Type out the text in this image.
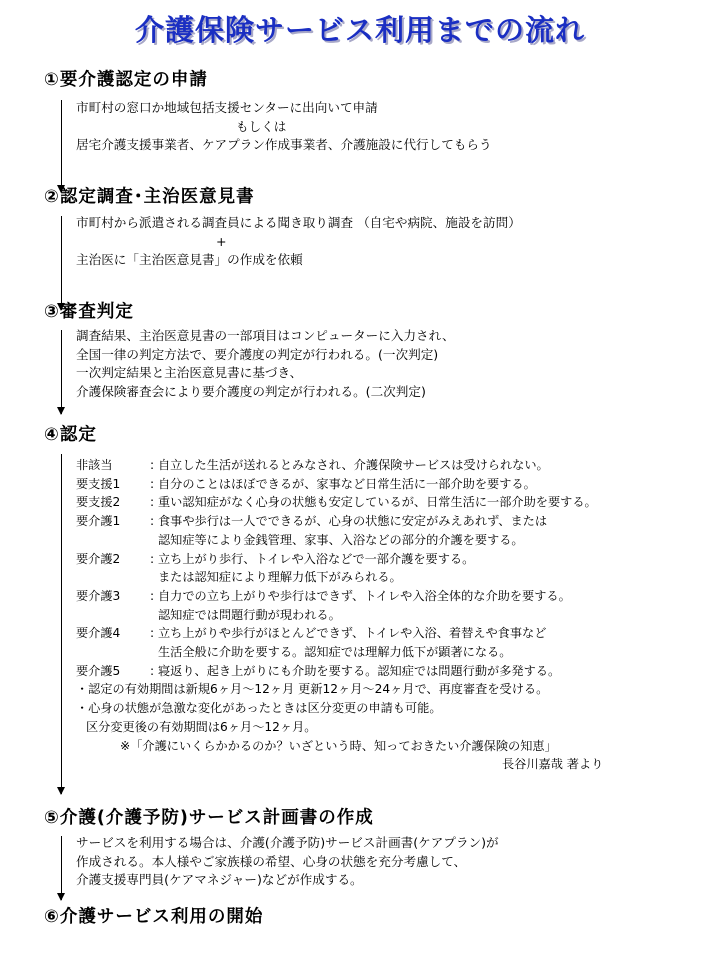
介護保険サービス利用までの流れ
①要介護認定の申請
市町村の窓口か地域包括支援センターに出向いて申請
もしくは
居宅介護支援事業者、ケアプラン作成事業者、介護施設に代行してもらう
②認定調査･主治医意見書
市町村から派遣される調査員による聞き取り調査 （自宅や病院、施設を訪問）
+
主治医に「主治医意見書」の作成を依頼
③審査判定
調査結果、主治医意見書の一部項目はコンピューターに入力され、
全国一律の判定方法で、要介護度の判定が行われる。(一次判定)
一次判定結果と主治医意見書に基づき、
介護保険審査会により要介護度の判定が行われる。(二次判定)
④認定
非該当	: 自立した生活が送れるとみなされ、介護保険サービスは受けられない。
要支援1	: 自分のことはほぼできるが、家事など日常生活に一部介助を要する。
要支援2	: 重い認知症がなく心身の状態も安定しているが、日常生活に一部介助を要する。
要介護1	: 食事や歩行は一人でできるが、心身の状態に安定がみえあれず、または
認知症等により金銭管理、家事、入浴などの部分的介護を要する。
要介護2	: 立ち上がり歩行、トイレや入浴などで一部介護を要する。
または認知症により理解力低下がみられる。
要介護3	: 自力での立ち上がりや歩行はできず、トイレや入浴全体的な介助を要する。
認知症では問題行動が現われる。
要介護4	: 立ち上がりや歩行がほとんどできず、トイレや入浴、着替えや食事など
生活全般に介助を要する。認知症では理解力低下が顕著になる。
要介護5	: 寝返り、起き上がりにも介助を要する。認知症では問題行動が多発する。
・認定の有効期間は新規6ヶ月～12ヶ月 更新12ヶ月～24ヶ月で、再度審査を受ける。
・心身の状態が急激な変化があったときは区分変更の申請も可能。
区分変更後の有効期間は6ヶ月～12ヶ月。
※「介護にいくらかかるのか？いざという時、知っておきたい介護保険の知恵」
長谷川嘉哉 著より
⑤介護(介護予防)サービス計画書の作成
サービスを利用する場合は、介護(介護予防)サービス計画書(ケアプラン)が
作成される。本人様やご家族様の希望、心身の状態を充分考慮して、
介護支援専門員(ケアマネジャー)などが作成する。
⑥介護サービス利用の開始
